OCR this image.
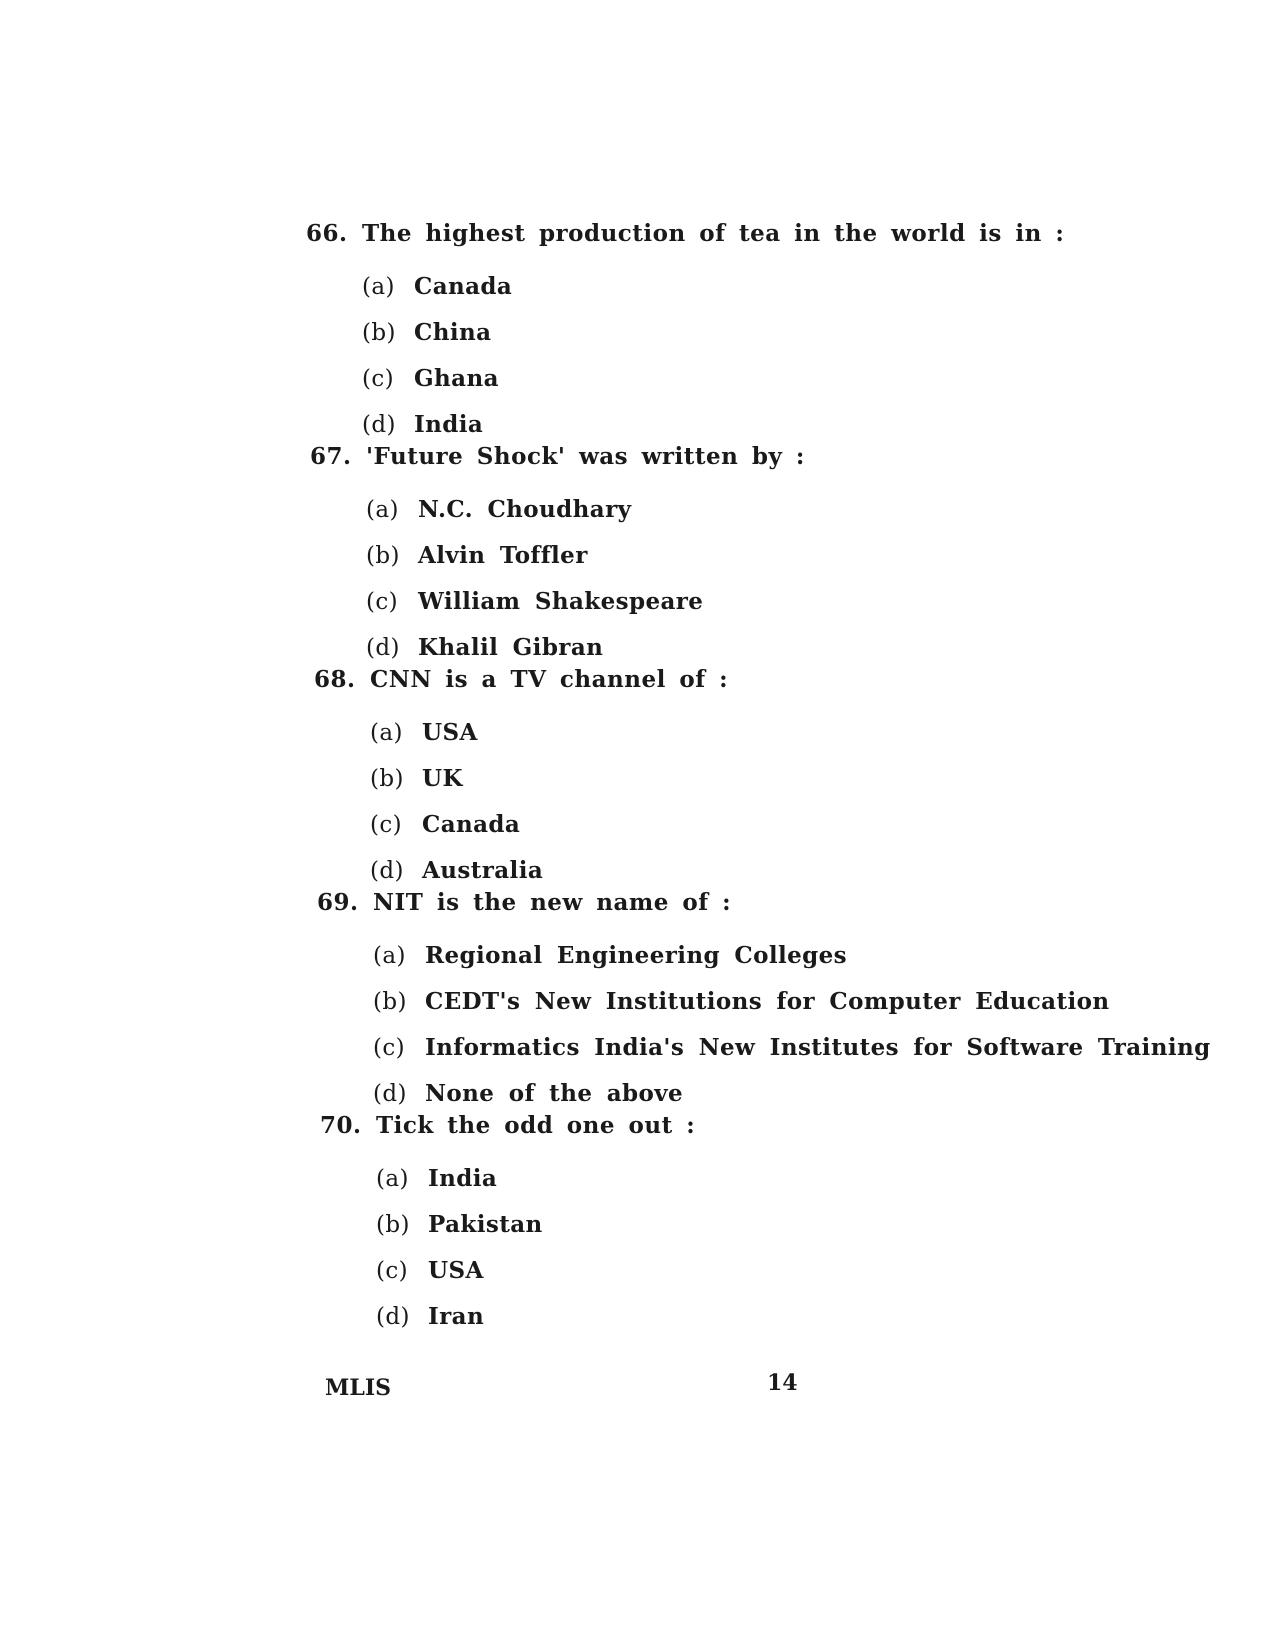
66. The highest production of tea in the world is in :
(a) Canada
(b) China
(c) Ghana
(d) India
67. 'Future Shock' was written by :
(a) N.C. Choudhary
(b) Alvin Toffler
(c) William Shakespeare
(d) Khalil Gibran
68. CNN is a TV channel of :
(a) USA
(b) UK
(c) Canada
(d) Australia
69. NIT is the new name of :
(a) Regional Engineering Colleges
(b) CEDT's New Institutions for Computer Education
(c) Informatics India's New Institutes for Software Training
(d) None of the above
70. Tick the odd one out :
(a) India
(b) Pakistan
(c) USA
(d) Iran
MLIS	14
